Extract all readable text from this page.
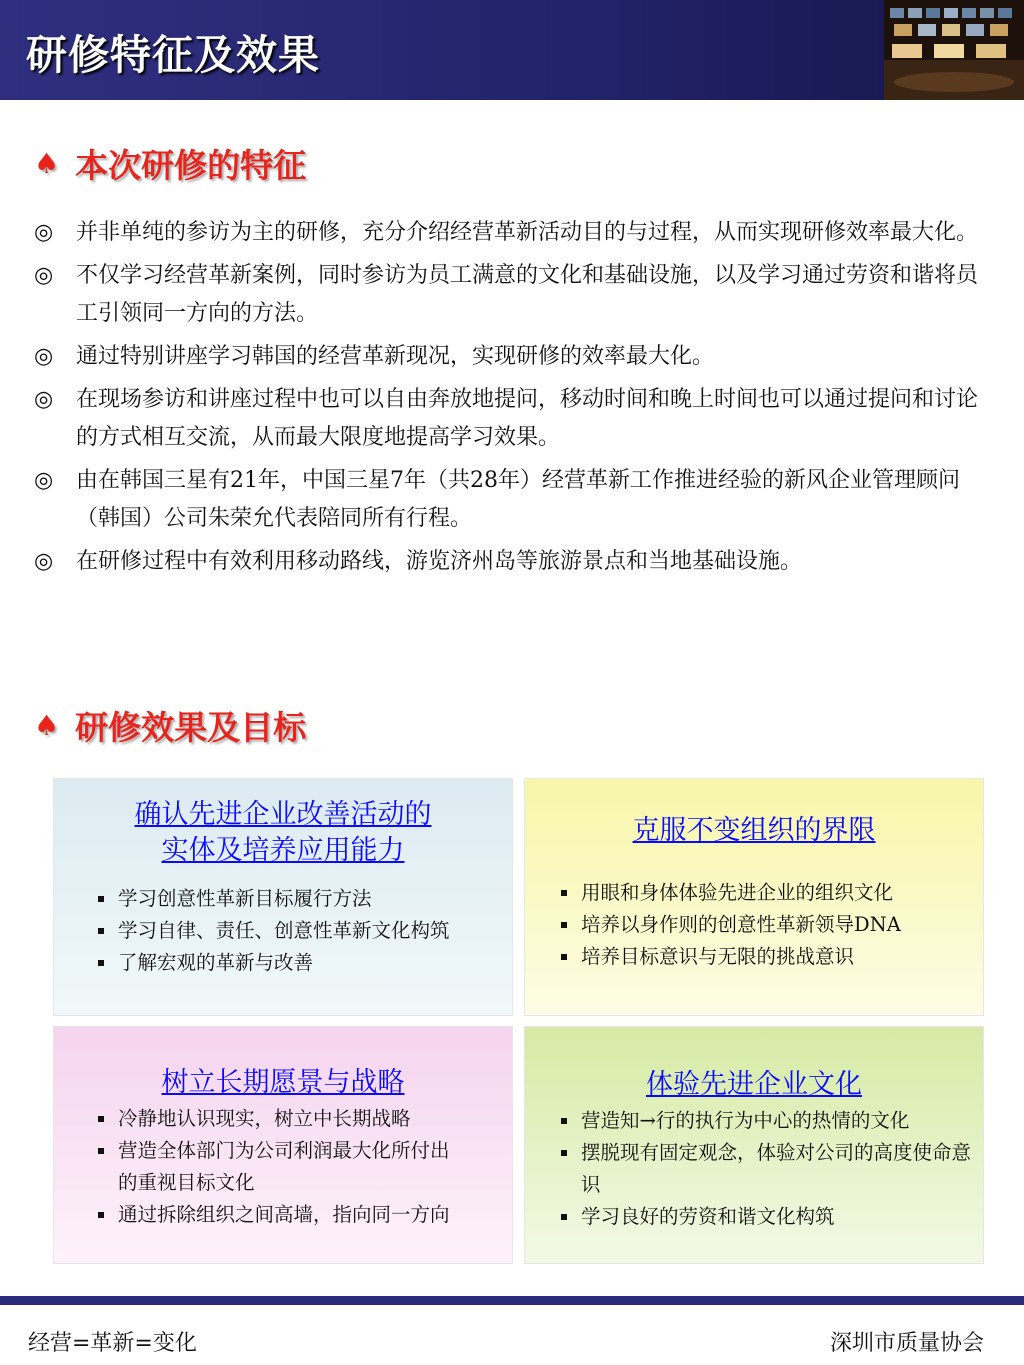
研修特征及效果
♠ 本次研修的特征
◎ 并非单纯的参访为主的研修，充分介绍经营革新活动目的与过程，从而实现研修效率最大化。
◎ 不仅学习经营革新案例，同时参访为员工满意的文化和基础设施，以及学习通过劳资和谐将员工引领同一方向的方法。
◎ 通过特别讲座学习韩国的经营革新现况，实现研修的效率最大化。
◎ 在现场参访和讲座过程中也可以自由奔放地提问，移动时间和晚上时间也可以通过提问和讨论的方式相互交流，从而最大限度地提高学习效果。
◎ 由在韩国三星有21年，中国三星7年（共28年）经营革新工作推进经验的新风企业管理顾问（韩国）公司朱荣允代表陪同所有行程。
◎ 在研修过程中有效利用移动路线，游览济州岛等旅游景点和当地基础设施。
♠ 研修效果及目标
确认先进企业改善活动的
实体及培养应用能力
学习创意性革新目标履行方法
学习自律、责任、创意性革新文化构筑
了解宏观的革新与改善
克服不变组织的界限
用眼和身体体验先进企业的组织文化
培养以身作则的创意性革新领导DNA
培养目标意识与无限的挑战意识
树立长期愿景与战略
冷静地认识现实，树立中长期战略
营造全体部门为公司利润最大化所付出的重视目标文化
通过拆除组织之间高墙，指向同一方向
体验先进企业文化
营造知→行的执行为中心的热情的文化
摆脱现有固定观念，体验对公司的高度使命意识
学习良好的劳资和谐文化构筑
经营=革新=变化	深圳市质量协会
